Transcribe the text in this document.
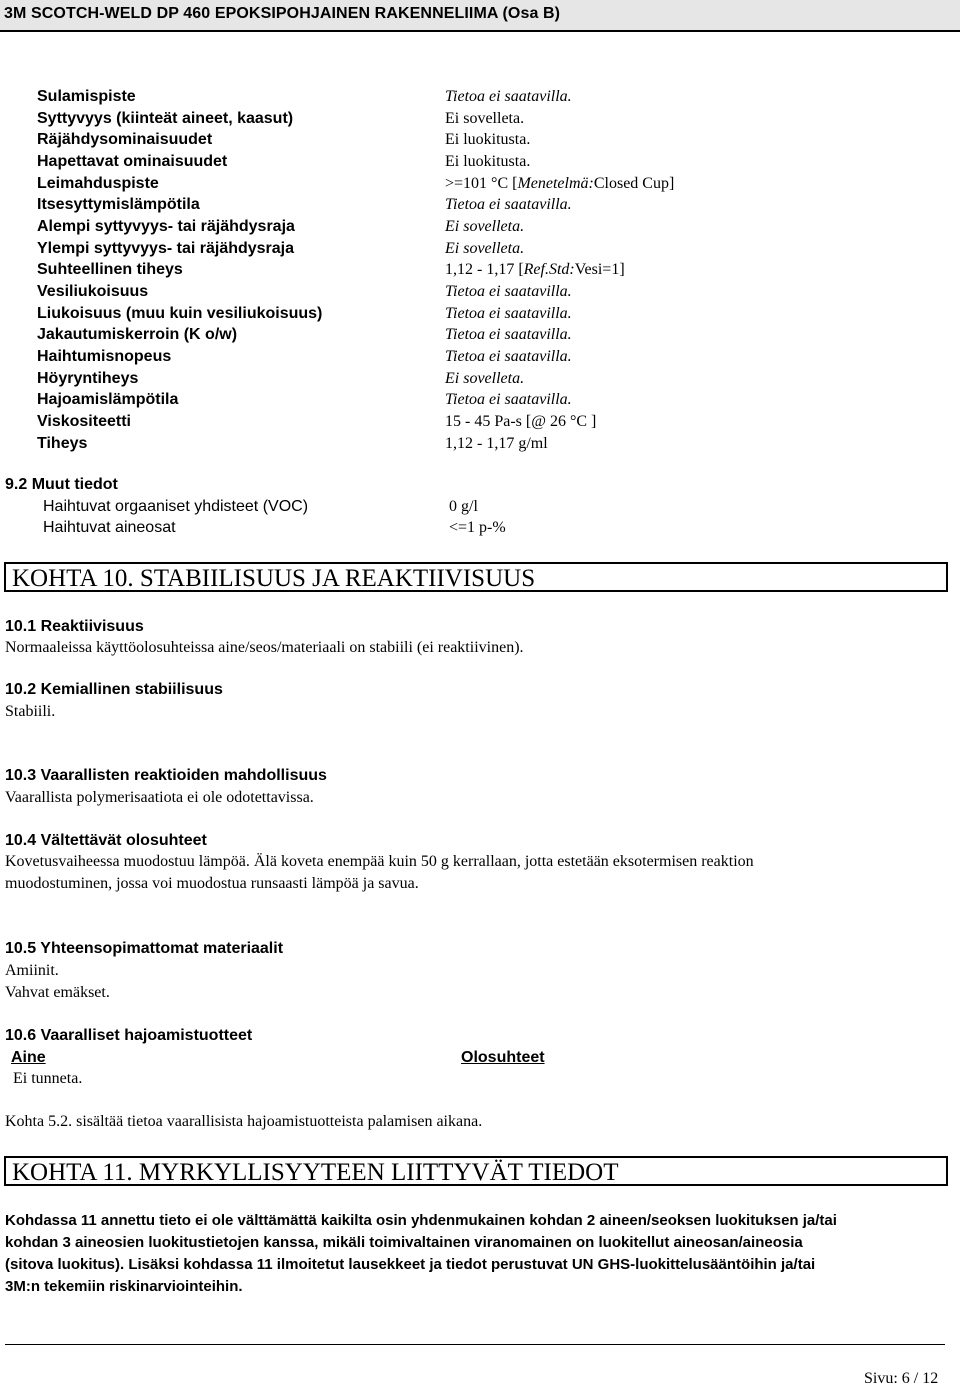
3M SCOTCH-WELD DP 460 EPOKSIPOHJAINEN RAKENNELIIMA (Osa B)
Sulamispiste	Tietoa ei saatavilla.
Syttyvyys (kiinteät aineet, kaasut)	Ei sovelleta.
Räjähdysominaisuudet	Ei luokitusta.
Hapettavat ominaisuudet	Ei luokitusta.
Leimahduspiste	>=101 °C [Menetelmä:Closed Cup]
Itsesyttymislämpötila	Tietoa ei saatavilla.
Alempi syttyvyys- tai räjähdysraja	Ei sovelleta.
Ylempi syttyvyys- tai räjähdysraja	Ei sovelleta.
Suhteellinen tiheys	1,12 - 1,17 [Ref.Std:Vesi=1]
Vesiliukoisuus	Tietoa ei saatavilla.
Liukoisuus (muu kuin vesiliukoisuus)	Tietoa ei saatavilla.
Jakautumiskerroin (K o/w)	Tietoa ei saatavilla.
Haihtumisnopeus	Tietoa ei saatavilla.
Höyryntiheys	Ei sovelleta.
Hajoamislämpötila	Tietoa ei saatavilla.
Viskositeetti	15 - 45 Pa-s [@ 26 °C ]
Tiheys	1,12 - 1,17 g/ml
9.2 Muut tiedot
Haihtuvat orgaaniset yhdisteet (VOC)	0 g/l
Haihtuvat aineosat	<=1 p-%
KOHTA 10. STABIILISUUS JA REAKTIIVISUUS
10.1 Reaktiivisuus
Normaaleissa käyttöolosuhteissa aine/seos/materiaali on stabiili (ei reaktiivinen).
10.2 Kemiallinen stabiilisuus
Stabiili.
10.3 Vaarallisten reaktioiden mahdollisuus
Vaarallista polymerisaatiota ei ole odotettavissa.
10.4 Vältettävät olosuhteet
Kovetusvaiheessa muodostuu lämpöä. Älä koveta enempää kuin 50 g kerrallaan, jotta estetään eksotermisen reaktion
muodostuminen, jossa voi muodostua runsaasti lämpöä ja savua.
10.5 Yhteensopimattomat materiaalit
Amiinit.
Vahvat emäkset.
10.6 Vaaralliset hajoamistuotteet
Aine	Olosuhteet
Ei tunneta.
Kohta 5.2. sisältää tietoa vaarallisista hajoamistuotteista palamisen aikana.
KOHTA 11. MYRKYLLISYYTEEN LIITTYVÄT TIEDOT
Kohdassa 11 annettu tieto ei ole välttämättä kaikilta osin yhdenmukainen kohdan 2 aineen/seoksen luokituksen ja/tai
kohdan 3 aineosien luokitustietojen kanssa, mikäli toimivaltainen viranomainen on luokitellut aineosan/aineosia
(sitova luokitus). Lisäksi kohdassa 11 ilmoitetut lausekkeet ja tiedot perustuvat UN GHS-luokittelusääntöihin ja/tai
3M:n tekemiin riskinarviointeihin.
Sivu: 6 / 12
